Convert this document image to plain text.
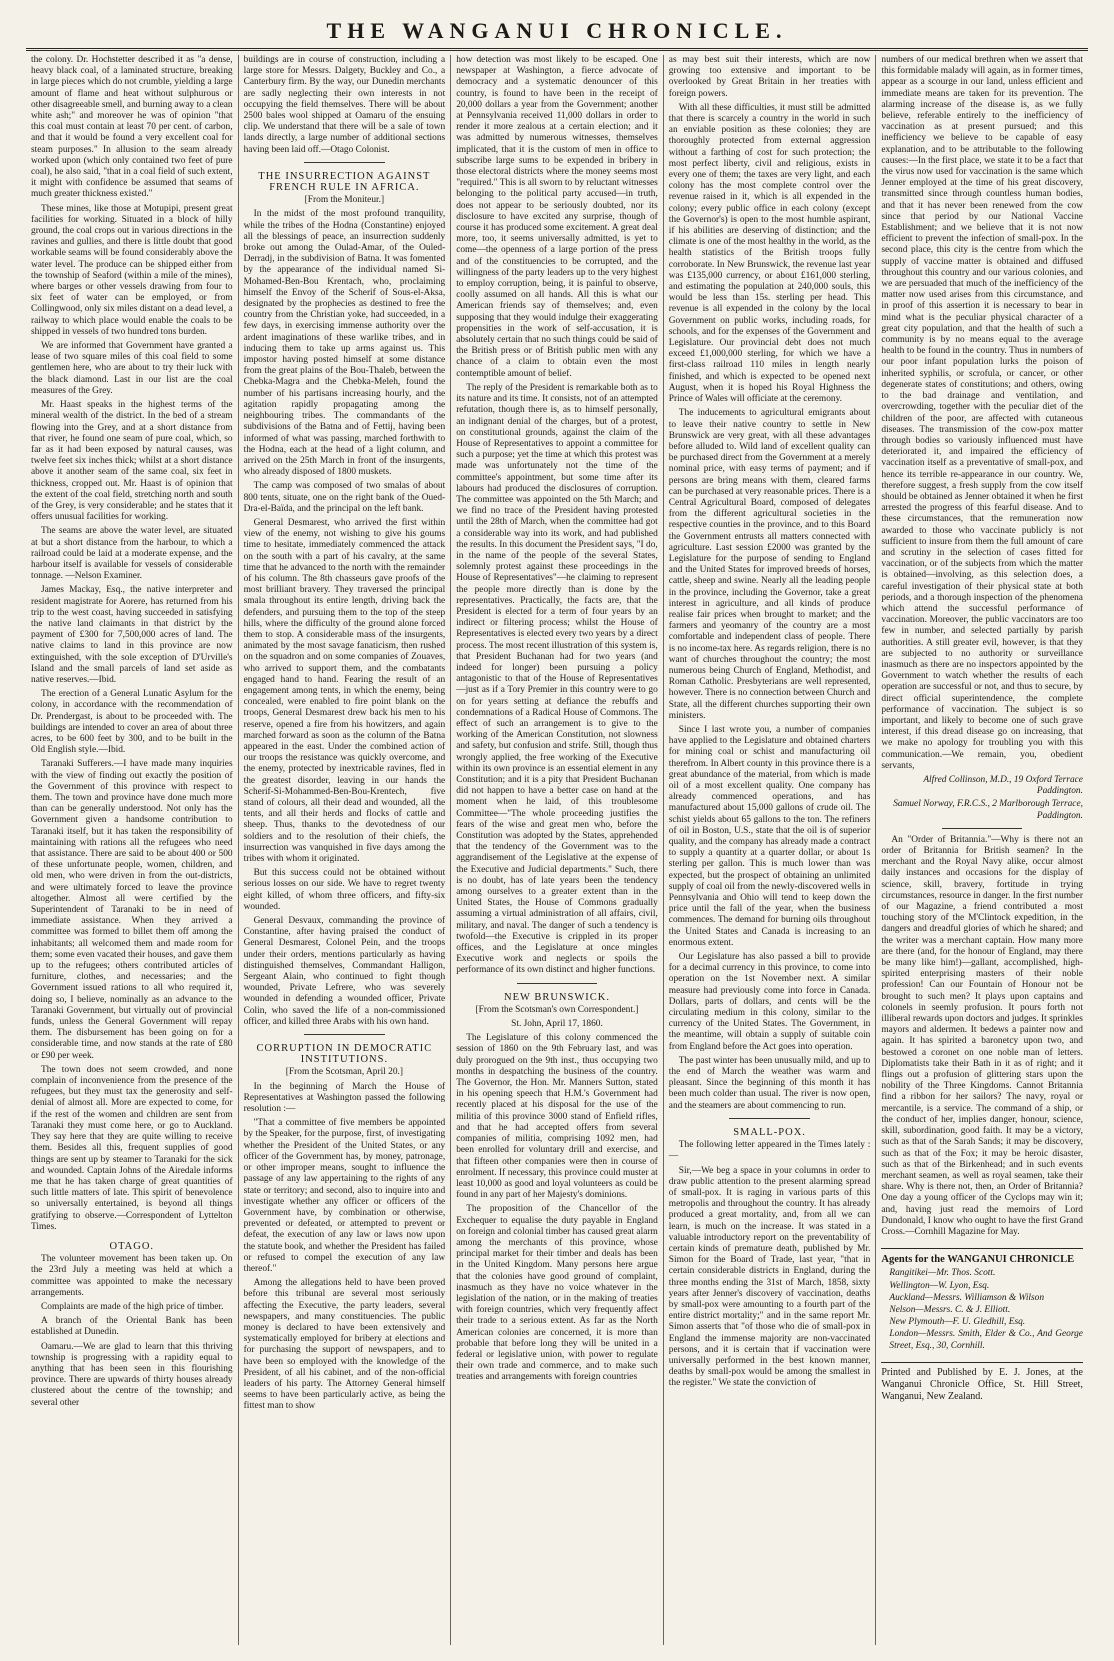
THE WANGANUI CHRONICLE.

the colony. Dr. Hochstetter described it as "a dense, heavy black coal, of a laminated structure, breaking in large pieces which do not crumble, yielding a large amount of flame and heat without sulphurous or other disagreeable smell, and burning away to a clean white ash;" and moreover he was of opinion "that this coal must contain at least 70 per cent. of carbon, and that it would be found a very excellent coal for steam purposes." In allusion to the seam already worked upon (which only contained two feet of pure coal), he also said, "that in a coal field of such extent, it might with confidence be assumed that seams of much greater thickness existed."

These mines, like those at Motupipi, present great facilities for working. Situated in a block of hilly ground, the coal crops out in various directions in the ravines and gullies, and there is little doubt that good workable seams will be found considerably above the water level. The produce can be shipped either from the township of Seaford (within a mile of the mines), where barges or other vessels drawing from four to six feet of water can be employed, or from Collingwood, only six miles distant on a dead level, a railway to which place would enable the coals to be shipped in vessels of two hundred tons burden.

We are informed that Government have granted a lease of two square miles of this coal field to some gentlemen here, who are about to try their luck with the black diamond. Last in our list are the coal measures of the Grey.

Mr. Haast speaks in the highest terms of the mineral wealth of the district. In the bed of a stream flowing into the Grey, and at a short distance from that river, he found one seam of pure coal, which, so far as it had been exposed by natural causes, was twelve feet six inches thick; whilst at a short distance above it another seam of the same coal, six feet in thickness, cropped out. Mr. Haast is of opinion that the extent of the coal field, stretching north and south of the Grey, is very considerable; and he states that it offers unusual facilities for working.

The seams are above the water level, are situated at but a short distance from the harbour, to which a railroad could be laid at a moderate expense, and the harbour itself is available for vessels of considerable tonnage. —Nelson Examiner.

James Mackay, Esq., the native interpreter and resident magistrate for Aorere, has returned from his trip to the west coast, having succeeded in satisfying the native land claimants in that district by the payment of £300 for 7,500,000 acres of land. The native claims to land in this province are now extinguished, with the sole exception of D'Urville's Island and the small parcels of land set aside as native reserves.—Ibid.

The erection of a General Lunatic Asylum for the colony, in accordance with the recommendation of Dr. Prendergast, is about to be proceeded with. The buildings are intended to cover an area of about three acres, to be 600 feet by 300, and to be built in the Old English style.—Ibid.

Taranaki Sufferers.—I have made many inquiries with the view of finding out exactly the position of the Government of this province with respect to them. The town and province have done much more than can be generally understood. Not only has the Government given a handsome contribution to Taranaki itself, but it has taken the responsibility of maintaining with rations all the refugees who need that assistance. There are said to be about 400 or 500 of these unfortunate people, women, children, and old men, who were driven in from the out-districts, and were ultimately forced to leave the province altogether. Almost all were certified by the Superintendent of Taranaki to be in need of immediate assistance. When they arrived a committee was formed to billet them off among the inhabitants; all welcomed them and made room for them; some even vacated their houses, and gave them up to the refugees; others contributed articles of furniture, clothes, and necessaries; and the Government issued rations to all who required it, doing so, I believe, nominally as an advance to the Taranaki Government, but virtually out of provincial funds, unless the General Government will repay them. The disbursement has been going on for a considerable time, and now stands at the rate of £80 or £90 per week.

The town does not seem crowded, and none complain of inconvenience from the presence of the refugees, but they must tax the generosity and self-denial of almost all. More are expected to come, for if the rest of the women and children are sent from Taranaki they must come here, or go to Auckland. They say here that they are quite willing to receive them. Besides all this, frequent supplies of good things are sent up by steamer to Taranaki for the sick and wounded. Captain Johns of the Airedale informs me that he has taken charge of great quantities of such little matters of late. This spirit of benevolence so universally entertained, is beyond all things gratifying to observe.—Correspondent of Lyttelton Times.

OTAGO.

The volunteer movement has been taken up. On the 23rd July a meeting was held at which a committee was appointed to make the necessary arrangements.

Complaints are made of the high price of timber.

A branch of the Oriental Bank has been established at Dunedin.

Oamaru.—We are glad to learn that this thriving township is progressing with a rapidity equal to anything that has been seen in this flourishing province. There are upwards of thirty houses already clustered about the centre of the township; and several other

buildings are in course of construction, including a large store for Messrs. Dalgety, Buckley and Co., a Canterbury firm. By the way, our Dunedin merchants are sadly neglecting their own interests in not occupying the field themselves. There will be about 2500 bales wool shipped at Oamaru of the ensuing clip. We understand that there will be a sale of town lands directly, a large number of additional sections having been laid off.—Otago Colonist.

THE INSURRECTION AGAINST FRENCH RULE IN AFRICA.
[From the Moniteur.]

In the midst of the most profound tranquility, while the tribes of the Hodna (Constantine) enjoyed all the blessings of peace, an insurrection suddenly broke out among the Oulad-Amar, of the Ouled-Derradj, in the subdivision of Batna. It was fomented by the appearance of the individual named Si-Mohamed-Ben-Bou Krentach, who, proclaiming himself the Envoy of the Scherif of Sous-el-Aksa, designated by the prophecies as destined to free the country from the Christian yoke, had succeeded, in a few days, in exercising immense authority over the ardent imaginations of these warlike tribes, and in inducing them to take up arms against us. This impostor having posted himself at some distance from the great plains of the Bou-Thaleb, between the Chebka-Magra and the Chebka-Meleh, found the number of his partisans increasing hourly, and the agitation rapidly propagating among the neighbouring tribes. The commandants of the subdivisions of the Batna and of Fettij, having been informed of what was passing, marched forthwith to the Hodna, each at the head of a light column, and arrived on the 25th March in front of the insurgents, who already disposed of 1800 muskets.

The camp was composed of two smalas of about 800 tents, situate, one on the right bank of the Oued-Dra-el-Baïda, and the principal on the left bank.

General Desmarest, who arrived the first within view of the enemy, not wishing to give his goums time to hesitate, immediately commenced the attack on the south with a part of his cavalry, at the same time that he advanced to the north with the remainder of his column. The 8th chasseurs gave proofs of the most brilliant bravery. They traversed the principal smala throughout its entire length, driving back the defenders, and pursuing them to the top of the steep hills, where the difficulty of the ground alone forced them to stop. A considerable mass of the insurgents, animated by the most savage fanaticism, then rushed on the squadron and on some companies of Zouaves, who arrived to support them, and the combatants engaged hand to hand. Fearing the result of an engagement among tents, in which the enemy, being concealed, were enabled to fire point blank on the troops, General Desmarest drew back his men to his reserve, opened a fire from his howitzers, and again marched forward as soon as the column of the Batna appeared in the east. Under the combined action of our troops the resistance was quickly overcome, and the enemy, protected by inextricable ravines, fled in the greatest disorder, leaving in our hands the Scherif-Si-Mohammed-Ben-Bou-Krentech, five stand of colours, all their dead and wounded, all the tents, and all their herds and flocks of cattle and sheep. Thus, thanks to the devotedness of our soldiers and to the resolution of their chiefs, the insurrection was vanquished in five days among the tribes with whom it originated.

But this success could not be obtained without serious losses on our side. We have to regret twenty eight killed, of whom three officers, and fifty-six wounded.

General Desvaux, commanding the province of Constantine, after having praised the conduct of General Desmarest, Colonel Pein, and the troops under their orders, mentions particularly as having distinguished themselves, Commandant Halligon, Sergeant Alain, who continued to fight though wounded, Private Lefrere, who was severely wounded in defending a wounded officer, Private Colin, who saved the life of a non-commissioned officer, and killed three Arabs with his own hand.

CORRUPTION IN DEMOCRATIC INSTITUTIONS.
[From the Scotsman, April 20.]

In the beginning of March the House of Representatives at Washington passed the following resolution :—

"That a committee of five members be appointed by the Speaker, for the purpose, first, of investigating whether the President of the United States, or any officer of the Government has, by money, patronage, or other improper means, sought to influence the passage of any law appertaining to the rights of any state or territory; and second, also to inquire into and investigate whether any officer or officers of the Government have, by combination or otherwise, prevented or defeated, or attempted to prevent or defeat, the execution of any law or laws now upon the statute book, and whether the President has failed or refused to compel the execution of any law thereof."

Among the allegations held to have been proved before this tribunal are several most seriously affecting the Executive, the party leaders, several newspapers, and many constituencies. The public money is declared to have been extensively and systematically employed for bribery at elections and for purchasing the support of newspapers, and to have been so employed with the knowledge of the President, of all his cabinet, and of the non-official leaders of his party. The Attorney General himself seems to have been particularly active, as being the fittest man to show

how detection was most likely to be escaped. One newspaper at Washington, a fierce advocate of democracy and a systematic denouncer of this country, is found to have been in the receipt of 20,000 dollars a year from the Government; another at Pennsylvania received 11,000 dollars in order to render it more zealous at a certain election; and it was admitted by numerous witnesses, themselves implicated, that it is the custom of men in office to subscribe large sums to be expended in bribery in those electoral districts where the money seems most "required." This is all sworn to by reluctant witnesses belonging to the political party accused—in truth, does not appear to be seriously doubted, nor its disclosure to have excited any surprise, though of course it has produced some excitement. A great deal more, too, it seems universally admitted, is yet to come—the openness of a large portion of the press and of the constituencies to be corrupted, and the willingness of the party leaders up to the very highest to employ corruption, being, it is painful to observe, coolly assumed on all hands. All this is what our American friends say of themselves; and, even supposing that they would indulge their exaggerating propensities in the work of self-accusation, it is absolutely certain that no such things could be said of the British press or of British public men with any chance of a claim to obtain even the most contemptible amount of belief.

The reply of the President is remarkable both as to its nature and its time. It consists, not of an attempted refutation, though there is, as to himself personally, an indignant denial of the charges, but of a protest, on constitutional grounds, against the claim of the House of Representatives to appoint a committee for such a purpose; yet the time at which this protest was made was unfortunately not the time of the committee's appointment, but some time after its labours had produced the disclosures of corruption. The committee was appointed on the 5th March; and we find no trace of the President having protested until the 28th of March, when the committee had got a considerable way into its work, and had published the results. In this document the President says, "I do, in the name of the people of the several States, solemnly protest against these proceedings in the House of Representatives"—he claiming to represent the people more directly than is done by the representatives. Practically, the facts are, that the President is elected for a term of four years by an indirect or filtering process; whilst the House of Representatives is elected every two years by a direct process. The most recent illustration of this system is, that President Buchanan had for two years (and indeed for longer) been pursuing a policy antagonistic to that of the House of Representatives—just as if a Tory Premier in this country were to go on for years setting at defiance the rebuffs and condemnations of a Radical House of Commons. The effect of such an arrangement is to give to the working of the American Constitution, not slowness and safety, but confusion and strife. Still, though thus wrongly applied, the free working of the Executive within its own province is an essential element in any Constitution; and it is a pity that President Buchanan did not happen to have a better case on hand at the moment when he laid, of this troublesome Committee—"The whole proceeding justifies the fears of the wise and great men who, before the Constitution was adopted by the States, apprehended that the tendency of the Government was to the aggrandisement of the Legislative at the expense of the Executive and Judicial departments." Such, there is no doubt, has of late years been the tendency among ourselves to a greater extent than in the United States, the House of Commons gradually assuming a virtual administration of all affairs, civil, military, and naval. The danger of such a tendency is twofold—the Executive is crippled in its proper offices, and the Legislature at once mingles Executive work and neglects or spoils the performance of its own distinct and higher functions.

NEW BRUNSWICK.
[From the Scotsman's own Correspondent.]
St. John, April 17, 1860.

The Legislature of this colony commenced the session of 1860 on the 9th February last, and was duly prorogued on the 9th inst., thus occupying two months in despatching the business of the country. The Governor, the Hon. Mr. Manners Sutton, stated in his opening speech that H.M.'s Government had recently placed at his disposal for the use of the militia of this province 3000 stand of Enfield rifles, and that he had accepted offers from several companies of militia, comprising 1092 men, had been enrolled for voluntary drill and exercise, and that fifteen other companies were then in course of enrolment. If necessary, this province could muster at least 10,000 as good and loyal volunteers as could be found in any part of her Majesty's dominions.

The proposition of the Chancellor of the Exchequer to equalise the duty payable in England on foreign and colonial timber has caused great alarm among the merchants of this province, whose principal market for their timber and deals has been in the United Kingdom. Many persons here argue that the colonies have good ground of complaint, inasmuch as they have no voice whatever in the legislation of the nation, or in the making of treaties with foreign countries, which very frequently affect their trade to a serious extent. As far as the North American colonies are concerned, it is more than probable that before long they will be united in a federal or legislative union, with power to regulate their own trade and commerce, and to make such treaties and arrangements with foreign countries

as may best suit their interests, which are now growing too extensive and important to be overlooked by Great Britain in her treaties with foreign powers.

With all these difficulties, it must still be admitted that there is scarcely a country in the world in such an enviable position as these colonies; they are thoroughly protected from external aggression without a farthing of cost for such protection; the most perfect liberty, civil and religious, exists in every one of them; the taxes are very light, and each colony has the most complete control over the revenue raised in it, which is all expended in the colony; every public office in each colony (except the Governor's) is open to the most humble aspirant, if his abilities are deserving of distinction; and the climate is one of the most healthy in the world, as the health statistics of the British troops fully corroborate. In New Brunswick, the revenue last year was £135,000 currency, or about £161,000 sterling, and estimating the population at 240,000 souls, this would be less than 15s. sterling per head. This revenue is all expended in the colony by the local Government on public works, including roads, for schools, and for the expenses of the Government and Legislature. Our provincial debt does not much exceed £1,000,000 sterling, for which we have a first-class railroad 110 miles in length nearly finished, and which is expected to be opened next August, when it is hoped his Royal Highness the Prince of Wales will officiate at the ceremony.

The inducements to agricultural emigrants about to leave their native country to settle in New Brunswick are very great, with all these advantages before alluded to. Wild land of excellent quality can be purchased direct from the Government at a merely nominal price, with easy terms of payment; and if persons are bring means with them, cleared farms can be purchased at very reasonable prices. There is a Central Agricultural Board, composed of delegates from the different agricultural societies in the respective counties in the province, and to this Board the Government entrusts all matters connected with agriculture. Last session £2000 was granted by the Legislature for the purpose of sending to England and the United States for improved breeds of horses, cattle, sheep and swine. Nearly all the leading people in the province, including the Governor, take a great interest in agriculture, and all kinds of produce realise fair prices when brought to market; and the farmers and yeomanry of the country are a most comfortable and independent class of people. There is no income-tax here. As regards religion, there is no want of churches throughout the country; the most numerous being Church of England, Methodist, and Roman Catholic. Presbyterians are well represented, however. There is no connection between Church and State, all the different churches supporting their own ministers.

Since I last wrote you, a number of companies have applied to the Legislature and obtained charters for mining coal or schist and manufacturing oil therefrom. In Albert county in this province there is a great abundance of the material, from which is made oil of a most excellent quality. One company has already commenced operations, and has manufactured about 15,000 gallons of crude oil. The schist yields about 65 gallons to the ton. The refiners of oil in Boston, U.S., state that the oil is of superior quality, and the company has already made a contract to supply a quantity at a quarter dollar, or about 1s sterling per gallon. This is much lower than was expected, but the prospect of obtaining an unlimited supply of coal oil from the newly-discovered wells in Pennsylvania and Ohio will tend to keep down the price until the fall of the year, when the business commences. The demand for burning oils throughout the United States and Canada is increasing to an enormous extent.

Our Legislature has also passed a bill to provide for a decimal currency in this province, to come into operation on the 1st November next. A similar measure had previously come into force in Canada. Dollars, parts of dollars, and cents will be the circulating medium in this colony, similar to the currency of the United States. The Government, in the meantime, will obtain a supply of suitable coin from England before the Act goes into operation.

The past winter has been unusually mild, and up to the end of March the weather was warm and pleasant. Since the beginning of this month it has been much colder than usual. The river is now open, and the steamers are about commencing to run.

SMALL-POX.

The following letter appeared in the Times lately :—

Sir,—We beg a space in your columns in order to draw public attention to the present alarming spread of small-pox. It is raging in various parts of this metropolis and throughout the country. It has already produced a great mortality, and, from all we can learn, is much on the increase. It was stated in a valuable introductory report on the preventability of certain kinds of premature death, published by Mr. Simon for the Board of Trade, last year, "that in certain considerable districts in England, during the three months ending the 31st of March, 1858, sixty years after Jenner's discovery of vaccination, deaths by small-pox were amounting to a fourth part of the entire district mortality;" and in the same report Mr. Simon asserts that "of those who die of small-pox in England the immense majority are non-vaccinated persons, and it is certain that if vaccination were universally performed in the best known manner, deaths by small-pox would be among the smallest in the register." We state the conviction of

numbers of our medical brethren when we assert that this formidable malady will again, as in former times, appear as a scourge in our land, unless efficient and immediate means are taken for its prevention. The alarming increase of the disease is, as we fully believe, referable entirely to the inefficiency of vaccination as at present pursued; and this inefficiency we believe to be capable of easy explanation, and to be attributable to the following causes:—In the first place, we state it to be a fact that the virus now used for vaccination is the same which Jenner employed at the time of his great discovery, transmitted since through countless human bodies, and that it has never been renewed from the cow since that period by our National Vaccine Establishment; and we believe that it is not now efficient to prevent the infection of small-pox. In the second place, this city is the centre from which the supply of vaccine matter is obtained and diffused throughout this country and our various colonies, and we are persuaded that much of the inefficiency of the matter now used arises from this circumstance, and in proof of this assertion it is necessary to bear in mind what is the peculiar physical character of a great city population, and that the health of such a community is by no means equal to the average health to be found in the country. Thus in numbers of our poor infant population lurks the poison of inherited syphilis, or scrofula, or cancer, or other degenerate states of constitutions; and others, owing to the bad drainage and ventilation, and overcrowding, together with the peculiar diet of the children of the poor, are affected with cutaneous diseases. The transmission of the cow-pox matter through bodies so variously influenced must have deteriorated it, and impaired the efficiency of vaccination itself as a preventative of small-pox, and hence its terrible re-appearance in our country. We, therefore suggest, a fresh supply from the cow itself should be obtained as Jenner obtained it when he first arrested the progress of this fearful disease. And to these circumstances, that the remuneration now awarded to those who vaccinate publicly is not sufficient to insure from them the full amount of care and scrutiny in the selection of cases fitted for vaccination, or of the subjects from which the matter is obtained—involving, as this selection does, a careful investigation of their physical state at both periods, and a thorough inspection of the phenomena which attend the successful performance of vaccination. Moreover, the public vaccinators are too few in number, and selected partially by parish authorities. A still greater evil, however, is that they are subjected to no authority or surveillance inasmuch as there are no inspectors appointed by the Government to watch whether the results of each operation are successful or not, and thus to secure, by direct official superintendence, the complete performance of vaccination. The subject is so important, and likely to become one of such grave interest, if this dread disease go on increasing, that we make no apology for troubling you with this communication.—We remain, you, obedient servants,

Alfred Collinson, M.D., 19 Oxford Terrace Paddington.
Samuel Norway, F.R.C.S., 2 Marlborough Terrace, Paddington.

An "Order of Britannia."—Why is there not an order of Britannia for British seamen? In the merchant and the Royal Navy alike, occur almost daily instances and occasions for the display of science, skill, bravery, fortitude in trying circumstances, resource in danger. In the first number of our Magazine, a friend contributed a most touching story of the M'Clintock expedition, in the dangers and dreadful glories of which he shared; and the writer was a merchant captain. How many more are there (and, for the honour of England, may there be many like him!)—gallant, accomplished, high-spirited enterprising masters of their noble profession! Can our Fountain of Honour not be brought to such men? It plays upon captains and colonels in seemly profusion. It pours forth not illiberal rewards upon doctors and judges. It sprinkles mayors and aldermen. It bedews a painter now and again. It has spirited a baronetcy upon two, and bestowed a coronet on one noble man of letters. Diplomatists take their Bath in it as of right; and it flings out a profusion of glittering stars upon the nobility of the Three Kingdoms. Cannot Britannia find a ribbon for her sailors? The navy, royal or mercantile, is a service. The command of a ship, or the conduct of her, implies danger, honour, science, skill, subordination, good faith. It may be a victory, such as that of the Sarah Sands; it may be discovery, such as that of the Fox; it may be heroic disaster, such as that of the Birkenhead; and in such events merchant seamen, as well as royal seamen, take their share. Why is there not, then, an Order of Britannia? One day a young officer of the Cyclops may win it; and, having just read the memoirs of Lord Dundonald, I know who ought to have the first Grand Cross.—Cornhill Magazine for May.

Agents for the WANGANUI CHRONICLE
Rangitikei—Mr. Thos. Scott.
Wellington—W. Lyon, Esq.
Auckland—Messrs. Williamson & Wilson
Nelson—Messrs. C. & J. Elliott.
New Plymouth—F. U. Gledhill, Esq.
London—Messrs. Smith, Elder & Co., And George Street, Esq., 30, Cornhill.
Printed and Published by E. J. Jones, at the Wanganui Chronicle Office, St. Hill Street, Wanganui, New Zealand.
